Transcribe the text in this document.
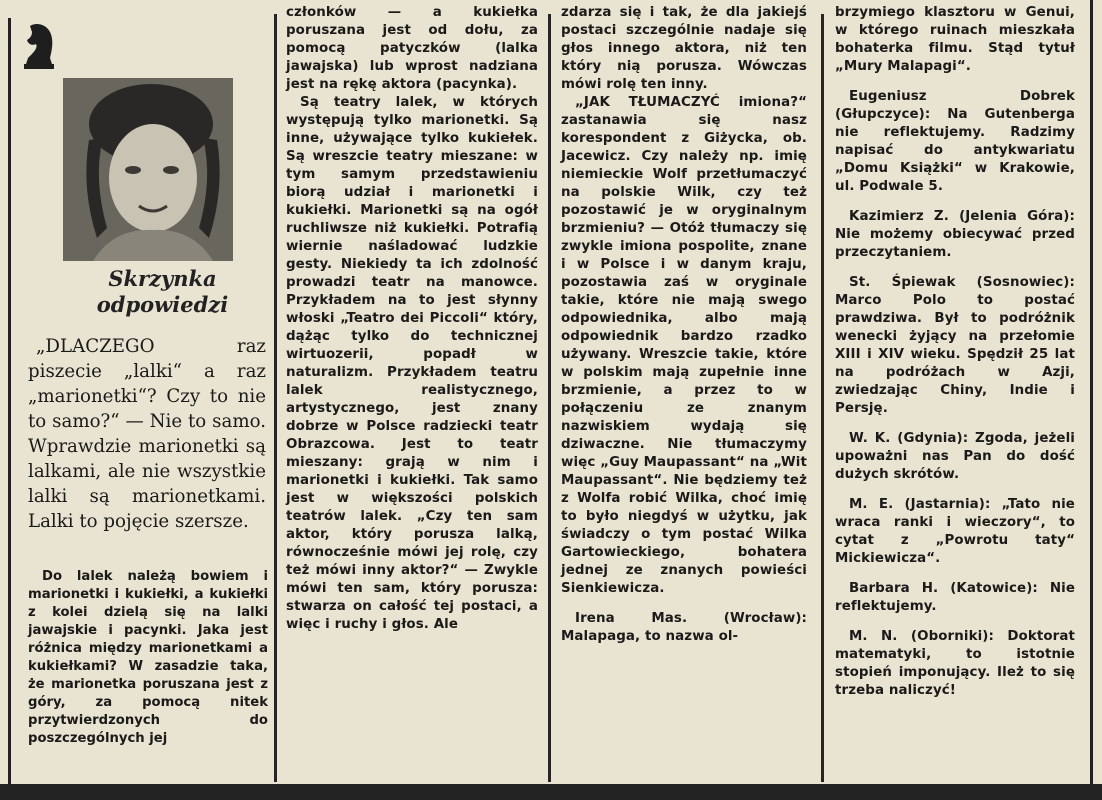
Skrzynka
odpowiedzi

„DLACZEGO raz piszecie „lalki“ a raz „marionetki“? Czy to nie to samo?“ — Nie to samo. Wprawdzie marionetki są lalkami, ale nie wszystkie lalki są marionetkami. Lalki to pojęcie szersze.

Do lalek należą bowiem i marionetki i kukiełki, a kukiełki z kolei dzielą się na lalki jawajskie i pacynki. Jaka jest różnica między marionetkami a kukiełkami? W zasadzie taka, że marionetka poruszana jest z góry, za pomocą nitek przytwierdzonych do poszczególnych jej

członków — a kukiełka poruszana jest od dołu, za pomocą patyczków (lalka jawajska) lub wprost nadziana jest na rękę aktora (pacynka).

Są teatry lalek, w których występują tylko marionetki. Są inne, używające tylko kukiełek. Są wreszcie teatry mieszane: w tym samym przedstawieniu biorą udział i marionetki i kukiełki. Marionetki są na ogół ruchliwsze niż kukiełki. Potrafią wiernie naśladować ludzkie gesty. Niekiedy ta ich zdolność prowadzi teatr na manowce. Przykładem na to jest słynny włoski „Teatro dei Piccoli“ który, dążąc tylko do technicznej wirtuozerii, popadł w naturalizm. Przykładem teatru lalek realistycznego, artystycznego, jest znany dobrze w Polsce radziecki teatr Obrazcowa. Jest to teatr mieszany: grają w nim i marionetki i kukiełki. Tak samo jest w większości polskich teatrów lalek. „Czy ten sam aktor, który porusza lalką, równocześnie mówi jej rolę, czy też mówi inny aktor?“ — Zwykle mówi ten sam, który porusza: stwarza on całość tej postaci, a więc i ruchy i głos. Ale

zdarza się i tak, że dla jakiejś postaci szczególnie nadaje się głos innego aktora, niż ten który nią porusza. Wówczas mówi rolę ten inny.

„JAK TŁUMACZYĆ imiona?“ zastanawia się nasz korespondent z Giżycka, ob. Jacewicz. Czy należy np. imię niemieckie Wolf przetłumaczyć na polskie Wilk, czy też pozostawić je w oryginalnym brzmieniu? — Otóż tłumaczy się zwykle imiona pospolite, znane i w Polsce i w danym kraju, pozostawia zaś w oryginale takie, które nie mają swego odpowiednika, albo mają odpowiednik bardzo rzadko używany. Wreszcie takie, które w polskim mają zupełnie inne brzmienie, a przez to w połączeniu ze znanym nazwiskiem wydają się dziwaczne. Nie tłumaczymy więc „Guy Maupassant“ na „Wit Maupassant“. Nie będziemy też z Wolfa robić Wilka, choć imię to było niegdyś w użytku, jak świadczy o tym postać Wilka Gartowieckiego, bohatera jednej ze znanych powieści Sienkiewicza.

Irena Mas. (Wrocław): Malapaga, to nazwa ol-

brzymiego klasztoru w Genui, w którego ruinach mieszkała bohaterka filmu. Stąd tytuł „Mury Malapagi“.

Eugeniusz Dobrek (Głupczyce): Na Gutenberga nie reflektujemy. Radzimy napisać do antykwariatu „Domu Książki“ w Krakowie, ul. Podwale 5.

Kazimierz Z. (Jelenia Góra): Nie możemy obiecywać przed przeczytaniem.

St. Śpiewak (Sosnowiec): Marco Polo to postać prawdziwa. Był to podróżnik wenecki żyjący na przełomie XIII i XIV wieku. Spędził 25 lat na podróżach w Azji, zwiedzając Chiny, Indie i Persję.

W. K. (Gdynia): Zgoda, jeżeli upoważni nas Pan do dość dużych skrótów.

M. E. (Jastarnia): „Tato nie wraca ranki i wieczory“, to cytat z „Powrotu taty“ Mickiewicza“.

Barbara H. (Katowice): Nie reflektujemy.

M. N. (Oborniki): Doktorat matematyki, to istotnie stopień imponujący. Ileż to się trzeba naliczyć!
